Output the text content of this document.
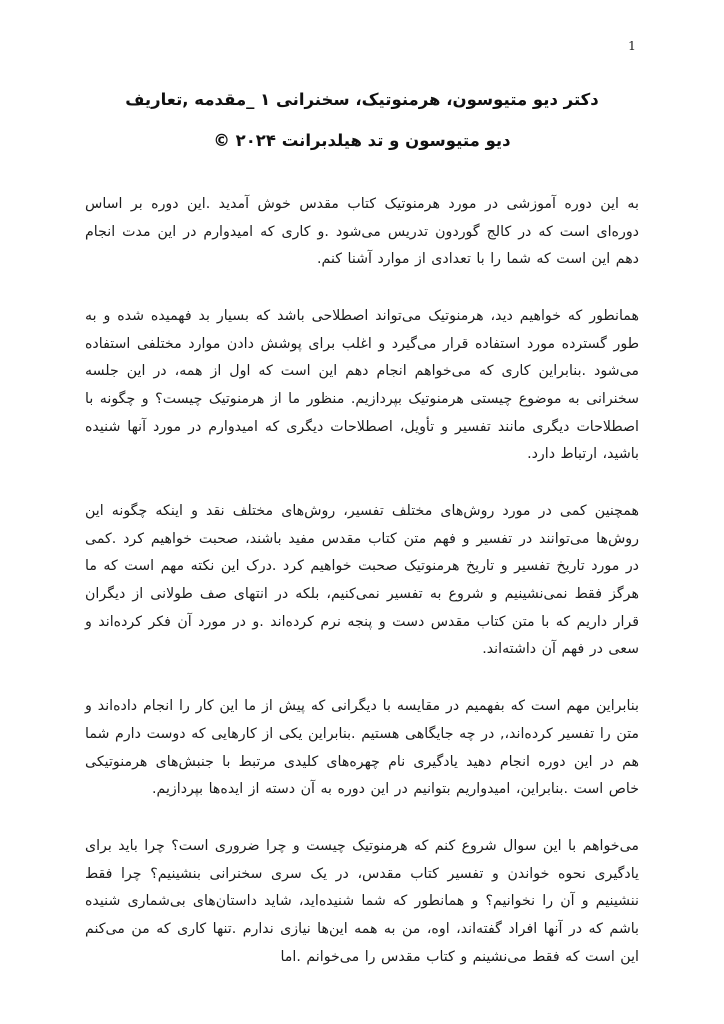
1
دکتر دیو متیوسون، هرمنوتیک، سخنرانی ۱ _مقدمه ,تعاریف
دیو متیوسون و تد هیلدبرانت ۲۰۲۴ ©

به این دوره آموزشی در مورد هرمنوتیک کتاب مقدس خوش آمدید .این دوره بر اساس دوره‌ای است که در کالج گوردون تدریس می‌شود .و کاری که امیدوارم در این مدت انجام دهم این است که شما را با تعدادی از موارد آشنا کنم.

همانطور که خواهیم دید، هرمنوتیک می‌تواند اصطلاحی باشد که بسیار بد فهمیده شده و به طور گسترده مورد استفاده قرار می‌گیرد و اغلب برای پوشش دادن موارد مختلفی استفاده می‌شود .بنابراین کاری که می‌خواهم انجام دهم این است که اول از همه، در این جلسه سخنرانی به موضوع چیستی هرمنوتیک بپردازیم. منظور ما از هرمنوتیک چیست؟ و چگونه با اصطلاحات دیگری مانند تفسیر و تأویل، اصطلاحات دیگری که امیدوارم در مورد آنها شنیده باشید، ارتباط دارد.

همچنین کمی در مورد روش‌های مختلف تفسیر، روش‌های مختلف نقد و اینکه چگونه این روش‌ها می‌توانند در تفسیر و فهم متن کتاب مقدس مفید باشند، صحبت خواهیم کرد .کمی در مورد تاریخ تفسیر و تاریخ هرمنوتیک صحبت خواهیم کرد .درک این نکته مهم است که ما هرگز فقط نمی‌نشینیم و شروع به تفسیر نمی‌کنیم، بلکه در انتهای صف طولانی از دیگران قرار داریم که با متن کتاب مقدس دست و پنجه نرم کرده‌اند .و در مورد آن فکر کرده‌اند و سعی در فهم آن داشته‌اند.

بنابراین مهم است که بفهمیم در مقایسه با دیگرانی که پیش از ما این کار را انجام داده‌اند و متن را تفسیر کرده‌اند،, در چه جایگاهی هستیم .بنابراین یکی از کارهایی که دوست دارم شما هم در این دوره انجام دهید یادگیری نام چهره‌های کلیدی مرتبط با جنبش‌های هرمنوتیکی خاص است .بنابراین، امیدواریم بتوانیم در این دوره به آن دسته از ایده‌ها بپردازیم.

می‌خواهم با این سوال شروع کنم که هرمنوتیک چیست و چرا ضروری است؟ چرا باید برای یادگیری نحوه خواندن و تفسیر کتاب مقدس، در یک سری سخنرانی بنشینیم؟ چرا فقط ننشینیم و آن را نخوانیم؟ و همانطور که شما شنیده‌اید، شاید داستان‌های بی‌شماری شنیده باشم که در آنها افراد گفته‌اند، اوه، من به همه این‌ها نیازی ندارم .تنها کاری که من می‌کنم این است که فقط می‌نشینم و کتاب مقدس را می‌خوانم .اما
